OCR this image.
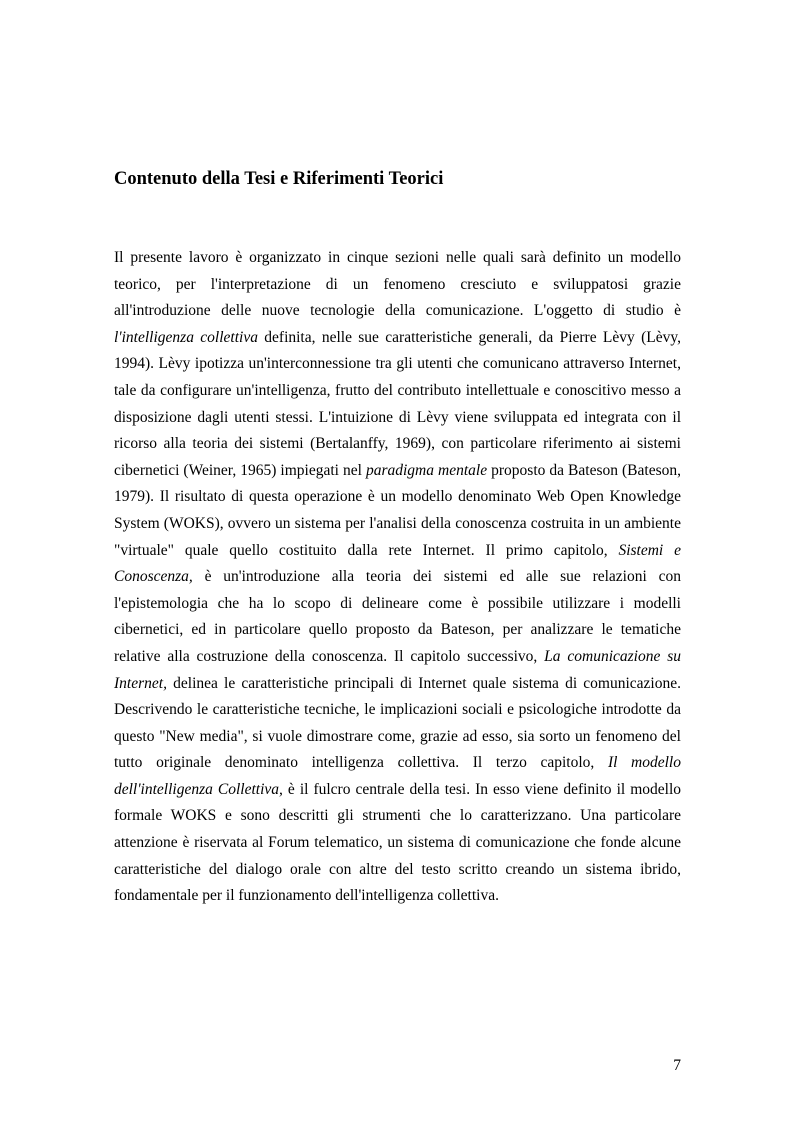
Contenuto della Tesi e Riferimenti Teorici

Il presente lavoro è organizzato in cinque sezioni nelle quali sarà definito un modello teorico, per l'interpretazione di un fenomeno cresciuto e sviluppatosi grazie all'introduzione delle nuove tecnologie della comunicazione. L'oggetto di studio è l'intelligenza collettiva definita, nelle sue caratteristiche generali, da Pierre Lèvy (Lèvy, 1994). Lèvy ipotizza un'interconnessione tra gli utenti che comunicano attraverso Internet, tale da configurare un'intelligenza, frutto del contributo intellettuale e conoscitivo messo a disposizione dagli utenti stessi. L'intuizione di Lèvy viene sviluppata ed integrata con il ricorso alla teoria dei sistemi (Bertalanffy, 1969), con particolare riferimento ai sistemi cibernetici (Weiner, 1965) impiegati nel paradigma mentale proposto da Bateson (Bateson, 1979). Il risultato di questa operazione è un modello denominato Web Open Knowledge System (WOKS), ovvero un sistema per l'analisi della conoscenza costruita in un ambiente "virtuale" quale quello costituito dalla rete Internet. Il primo capitolo, Sistemi e Conoscenza, è un'introduzione alla teoria dei sistemi ed alle sue relazioni con l'epistemologia che ha lo scopo di delineare come è possibile utilizzare i modelli cibernetici, ed in particolare quello proposto da Bateson, per analizzare le tematiche relative alla costruzione della conoscenza. Il capitolo successivo, La comunicazione su Internet, delinea le caratteristiche principali di Internet quale sistema di comunicazione. Descrivendo le caratteristiche tecniche, le implicazioni sociali e psicologiche introdotte da questo "New media", si vuole dimostrare come, grazie ad esso, sia sorto un fenomeno del tutto originale denominato intelligenza collettiva. Il terzo capitolo, Il modello dell'intelligenza Collettiva, è il fulcro centrale della tesi. In esso viene definito il modello formale WOKS e sono descritti gli strumenti che lo caratterizzano. Una particolare attenzione è riservata al Forum telematico, un sistema di comunicazione che fonde alcune caratteristiche del dialogo orale con altre del testo scritto creando un sistema ibrido, fondamentale per il funzionamento dell'intelligenza collettiva.

7
